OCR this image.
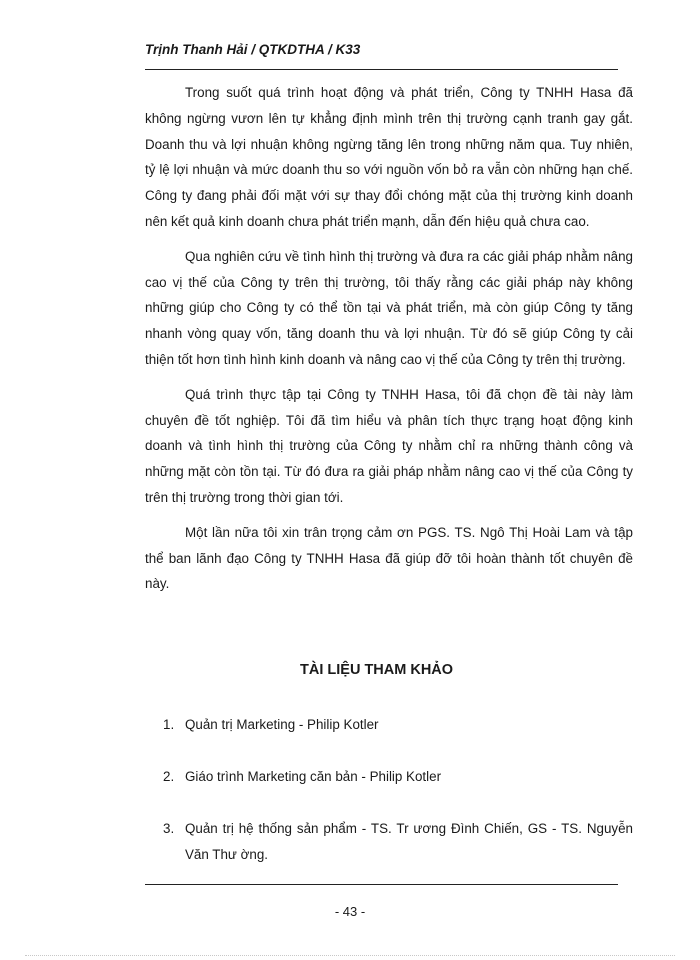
Trịnh Thanh Hải / QTKDTHA / K33

Trong suốt quá trình hoạt động và phát triển, Công ty TNHH Hasa đã không ngừng vươn lên tự khẳng định mình trên thị trường cạnh tranh gay gắt. Doanh thu và lợi nhuận không ngừng tăng lên trong những năm qua. Tuy nhiên, tỷ lệ lợi nhuận và mức doanh thu so với nguồn vốn bỏ ra vẫn còn những hạn chế. Công ty đang phải đối mặt với sự thay đổi chóng mặt của thị trường kinh doanh nên kết quả kinh doanh chưa phát triển mạnh, dẫn đến hiệu quả chưa cao.

Qua nghiên cứu về tình hình thị trường và đưa ra các giải pháp nhằm nâng cao vị thế của Công ty trên thị trường, tôi thấy rằng các giải pháp này không những giúp cho Công ty có thể tồn tại và phát triển, mà còn giúp Công ty tăng nhanh vòng quay vốn, tăng doanh thu và lợi nhuận. Từ đó sẽ giúp Công ty cải thiện tốt hơn tình hình kinh doanh và nâng cao vị thế của Công ty trên thị trường.

Quá trình thực tập tại Công ty TNHH Hasa, tôi đã chọn đề tài này làm chuyên đề tốt nghiệp. Tôi đã tìm hiểu và phân tích thực trạng hoạt động kinh doanh và tình hình thị trường của Công ty nhằm chỉ ra những thành công và những mặt còn tồn tại. Từ đó đưa ra giải pháp nhằm nâng cao vị thế của Công ty trên thị trường trong thời gian tới.

Một lần nữa tôi xin trân trọng cảm ơn PGS. TS. Ngô Thị Hoài Lam và tập thể ban lãnh đạo Công ty TNHH Hasa đã giúp đỡ tôi hoàn thành tốt chuyên đề này.

TÀI LIỆU THAM KHẢO
1. Quản trị Marketing - Philip Kotler
2. Giáo trình Marketing căn bản - Philip Kotler
3. Quản trị hệ thống sản phẩm - TS. Tr ương Đình Chiến, GS - TS. Nguyễn Văn Thư ờng.
- 43 -
